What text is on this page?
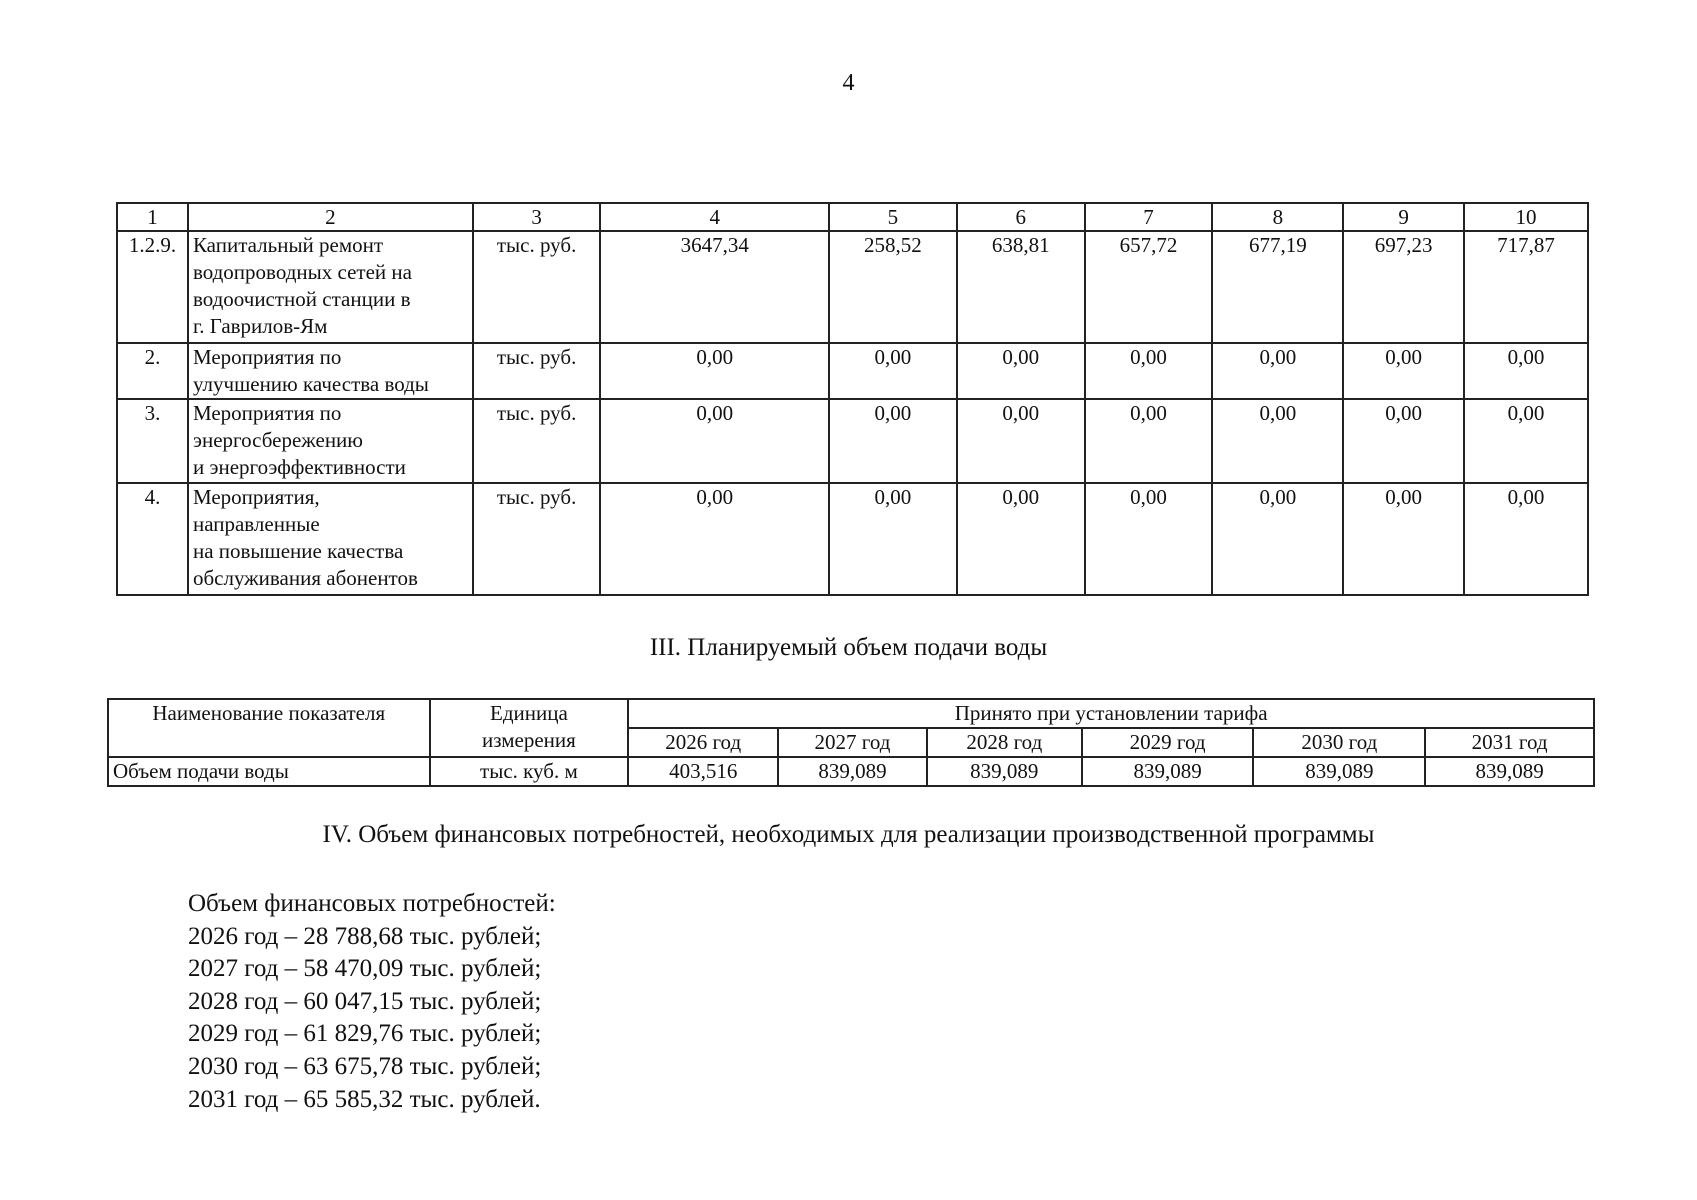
4
1	2	3	4	5	6	7	8	9	10
1.2.9.	Капитальный ремонт
водопроводных сетей на
водоочистной станции в
г. Гаврилов-Ям	тыс. руб.	3647,34	258,52	638,81	657,72	677,19	697,23	717,87
2.	Мероприятия по
улучшению качества воды	тыс. руб.	0,00	0,00	0,00	0,00	0,00	0,00	0,00
3.	Мероприятия по
энергосбережению
и энергоэффективности	тыс. руб.	0,00	0,00	0,00	0,00	0,00	0,00	0,00
4.	Мероприятия,
направленные
на повышение качества
обслуживания абонентов	тыс. руб.	0,00	0,00	0,00	0,00	0,00	0,00	0,00
III. Планируемый объем подачи воды
Наименование показателя	Единица
измерения	Принято при установлении тарифа					
		2026 год	2027 год	2028 год	2029 год	2030 год	2031 год
Объем подачи воды	тыс. куб. м	403,516	839,089	839,089	839,089	839,089	839,089
IV. Объем финансовых потребностей, необходимых для реализации производственной программы
Объем финансовых потребностей:
2026 год – 28 788,68 тыс. рублей;
2027 год – 58 470,09 тыс. рублей;
2028 год – 60 047,15 тыс. рублей;
2029 год – 61 829,76 тыс. рублей;
2030 год – 63 675,78 тыс. рублей;
2031 год – 65 585,32 тыс. рублей.
